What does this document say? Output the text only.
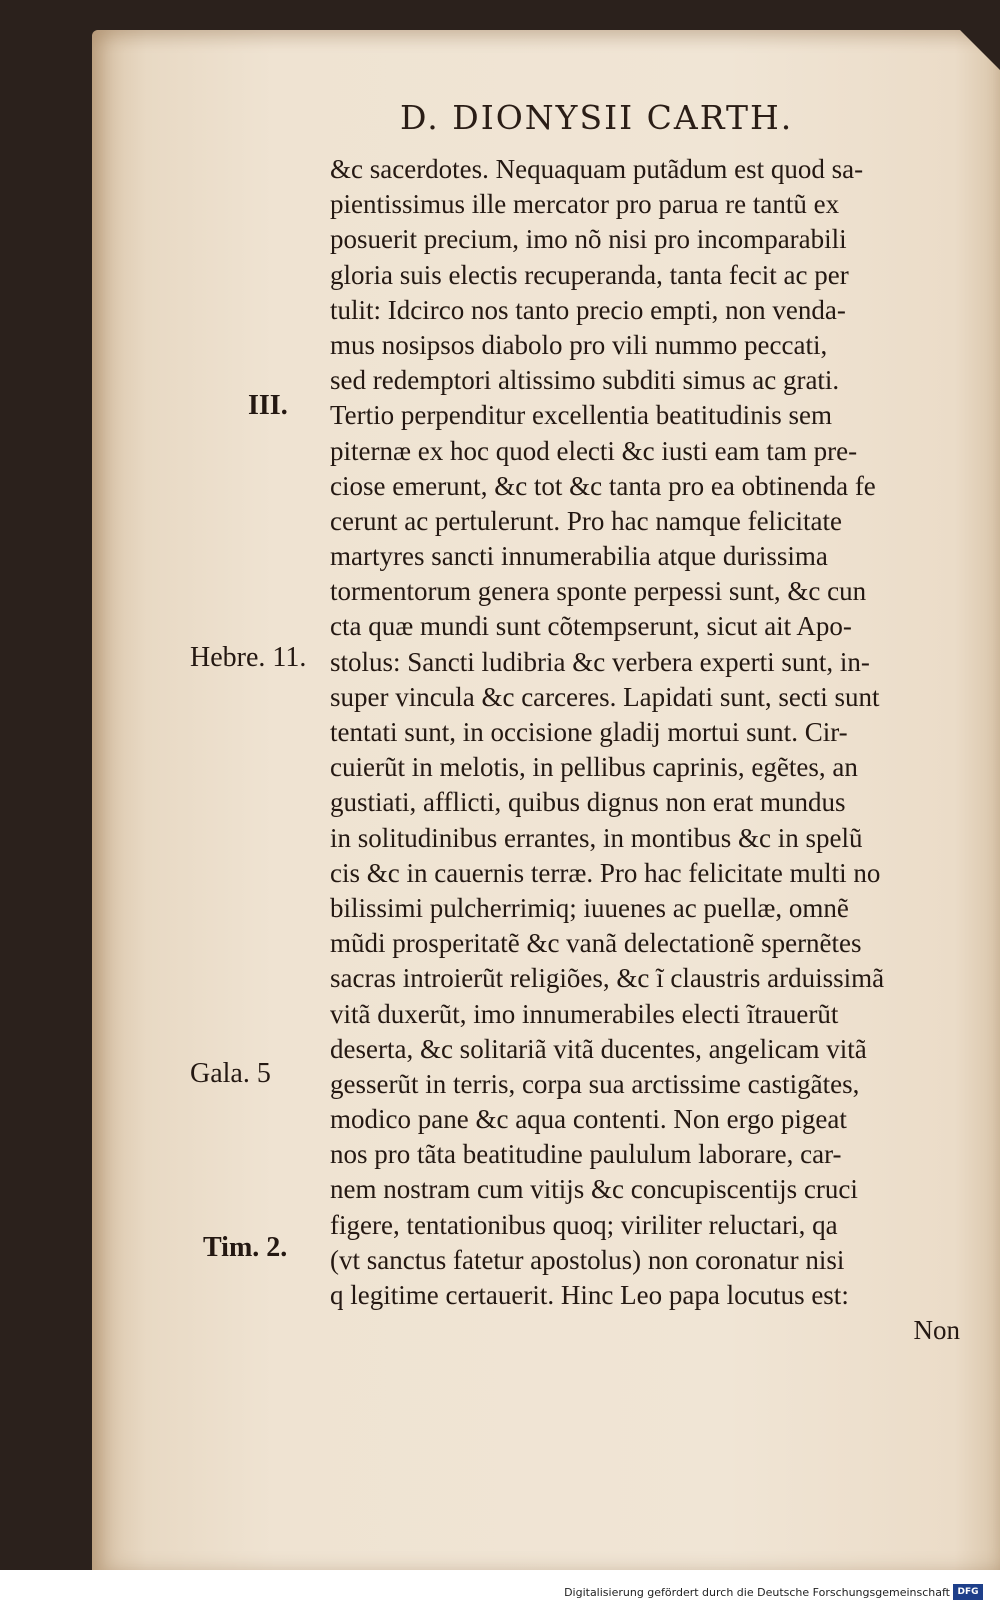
D. DIONYSII CARTH.
&c sacerdotes. Nequaquam putãdum est quod sa-
pientissimus ille mercator pro parua re tantũ ex
posuerit precium, imo nõ nisi pro incomparabili
gloria suis electis recuperanda, tanta fecit ac per
tulit: Idcirco nos tanto precio empti, non venda-
mus nosipsos diabolo pro vili nummo peccati,
sed redemptori altissimo subditi simus ac grati.
Tertio perpenditur excellentia beatitudinis sem
piternæ ex hoc quod electi &c iusti eam tam pre-
ciose emerunt, &c tot &c tanta pro ea obtinenda fe
cerunt ac pertulerunt. Pro hac namque felicitate
martyres sancti innumerabilia atque durissima
tormentorum genera sponte perpessi sunt, &c cun
cta quæ mundi sunt cõtempserunt, sicut ait Apo-
stolus: Sancti ludibria &c verbera experti sunt, in-
super vincula &c carceres. Lapidati sunt, secti sunt
tentati sunt, in occisione gladij mortui sunt. Cir-
cuierũt in melotis, in pellibus caprinis, egẽtes, an
gustiati, afflicti, quibus dignus non erat mundus
in solitudinibus errantes, in montibus &c in spelũ
cis &c in cauernis terræ. Pro hac felicitate multi no
bilissimi pulcherrimiq; iuuenes ac puellæ, omnẽ
mũdi prosperitatẽ &c vanã delectationẽ spernẽtes
sacras introierũt religiões, &c ĩ claustris arduissimã
vitã duxerũt, imo innumerabiles electi ĩtrauerũt
deserta, &c solitariã vitã ducentes, angelicam vitã
gesserũt in terris, corpa sua arctissime castigãtes,
modico pane &c aqua contenti. Non ergo pigeat
nos pro tãta beatitudine paululum laborare, car-
nem nostram cum vitijs &c concupiscentijs cruci
figere, tentationibus quoq; viriliter reluctari, qa
(vt sanctus fatetur apostolus) non coronatur nisi
q legitime certauerit. Hinc Leo papa locutus est:
Non
III.
Hebre. 11.
Gala. 5
Tim. 2.
Digitalisierung gefördert durch die Deutsche Forschungsgemeinschaft DFG
